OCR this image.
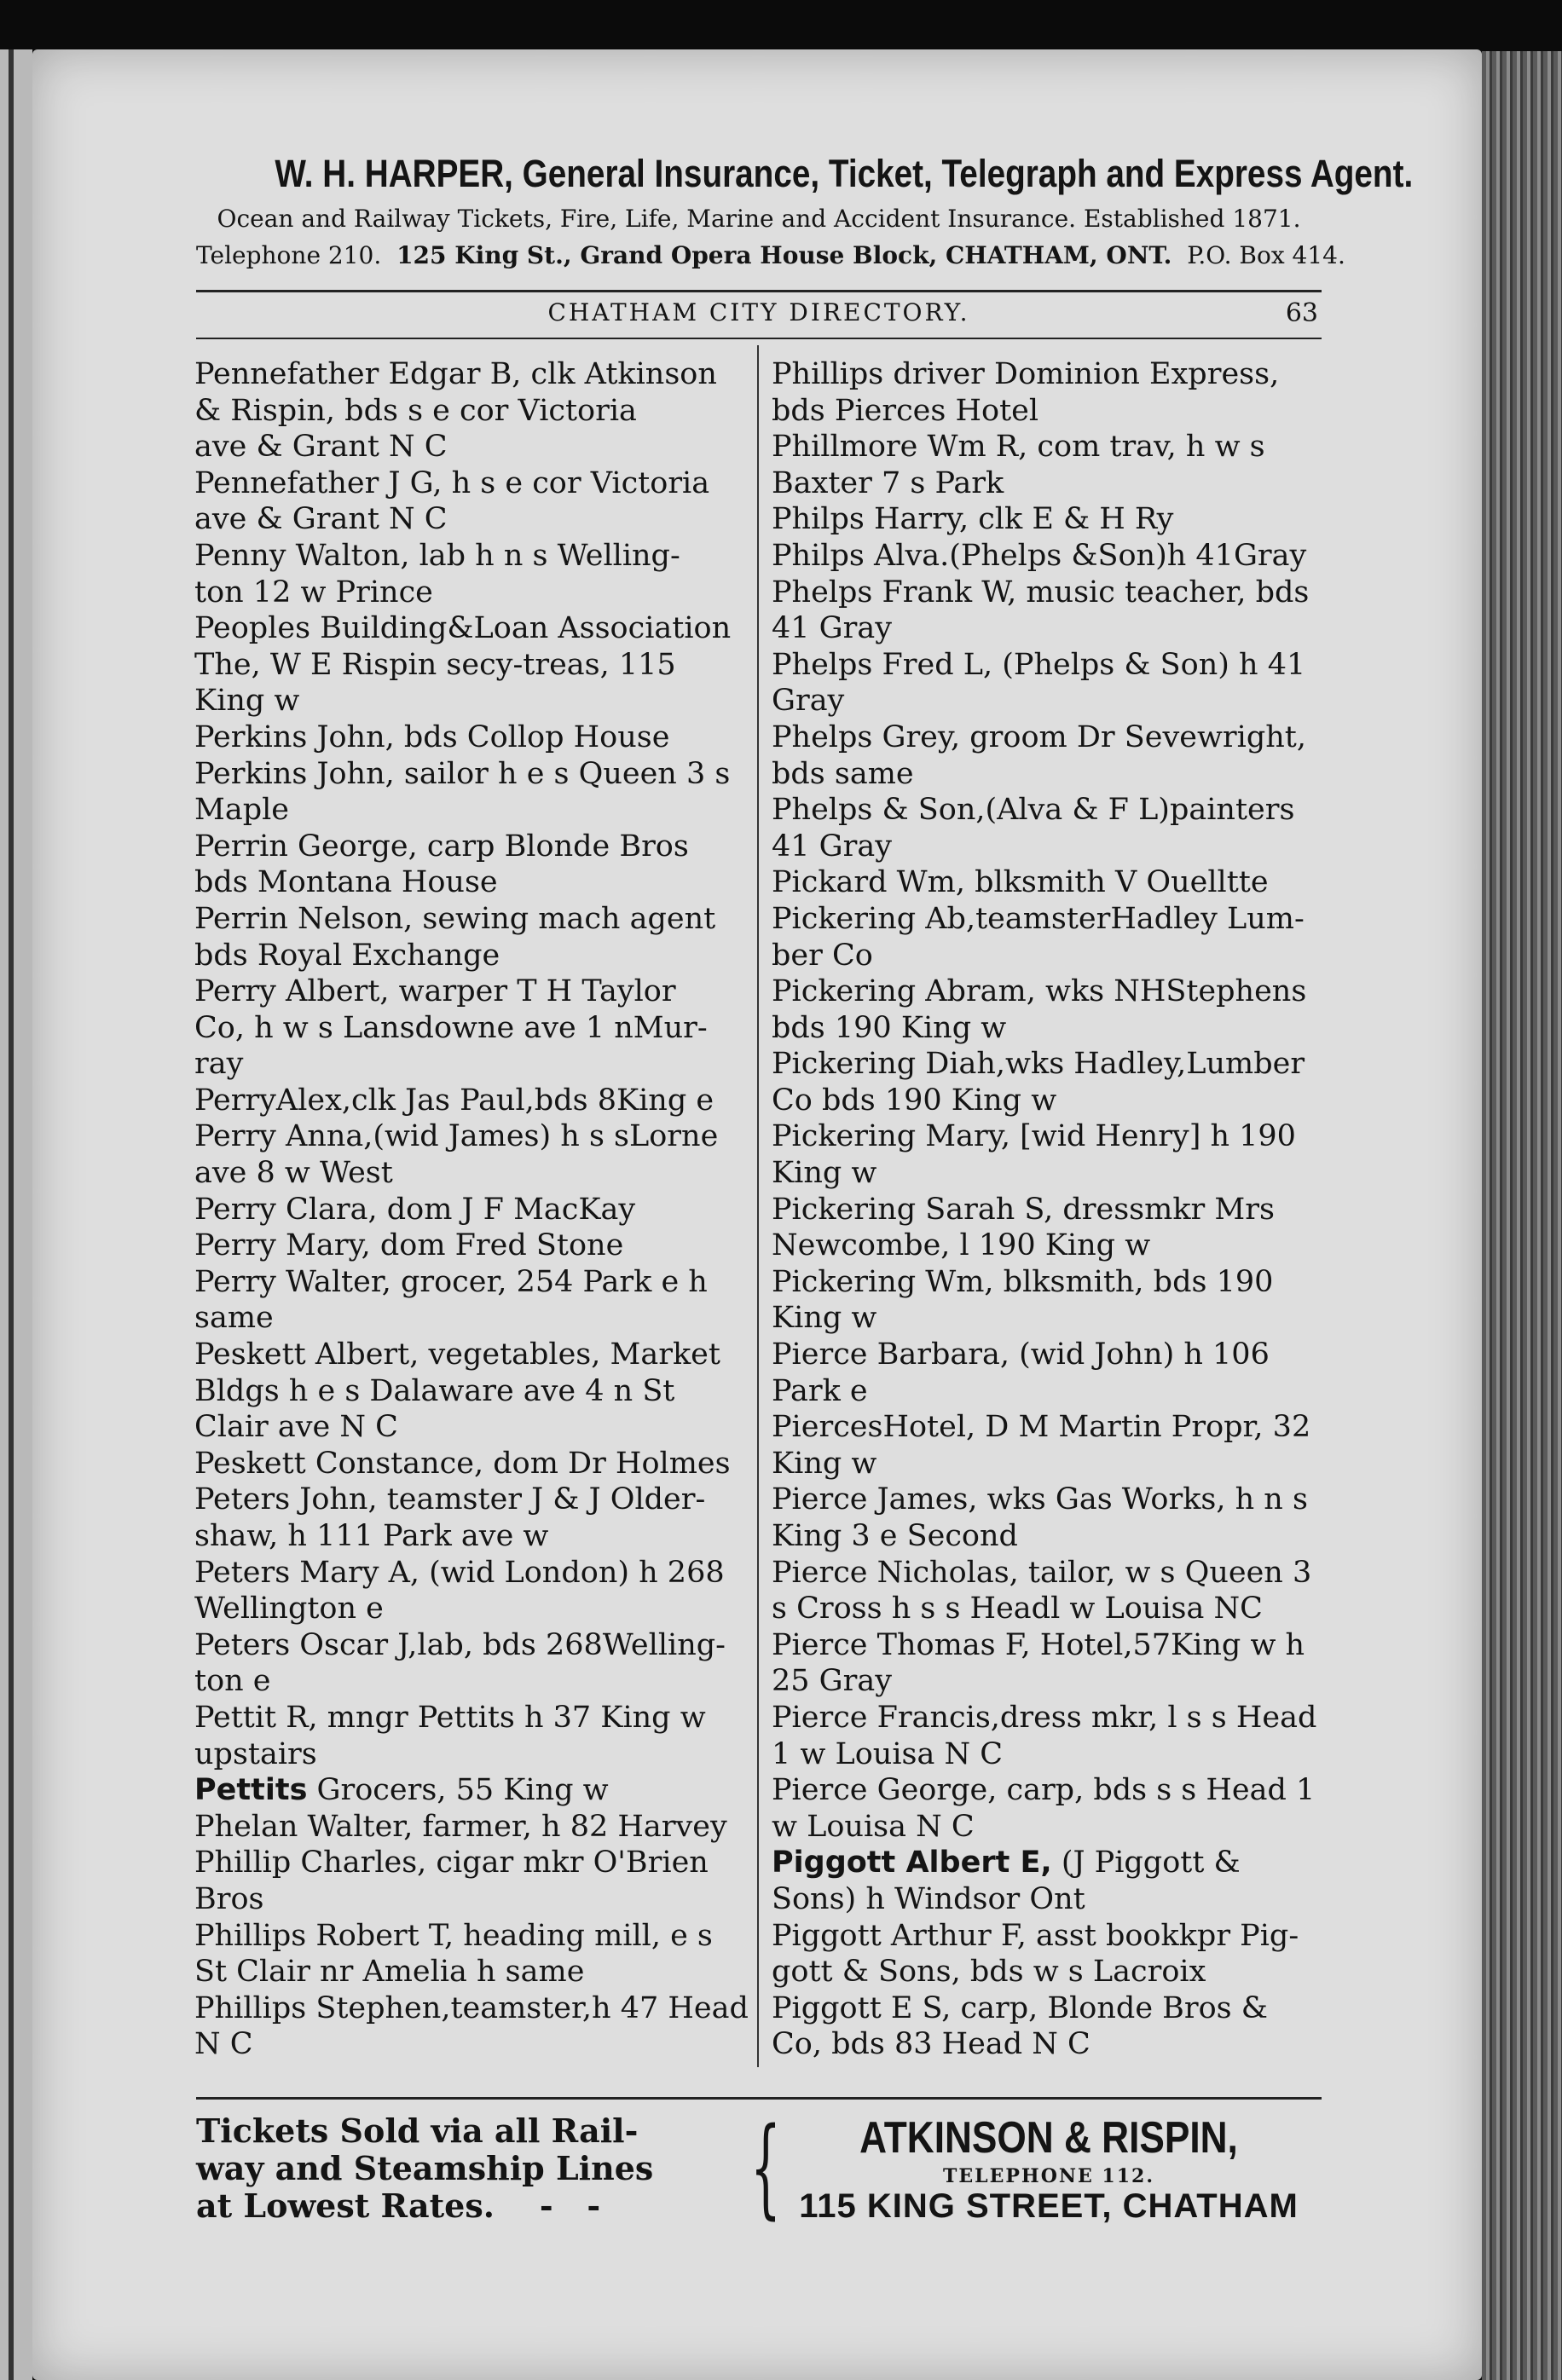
W. H. HARPER, General Insurance, Ticket, Telegraph and Express Agent.
Ocean and Railway Tickets, Fire, Life, Marine and Accident Insurance. Established 1871.
Telephone 210. 125 King St., Grand Opera House Block, CHATHAM, ONT. P.O. Box 414.
CHATHAM CITY DIRECTORY.	63
Pennefather Edgar B, clk Atkinson
& Rispin, bds s e cor Victoria
ave & Grant N C
Pennefather J G, h s e cor Victoria
ave & Grant N C
Penny Walton, lab h n s Welling-
ton 12 w Prince
Peoples Building&Loan Association
The, W E Rispin secy-treas, 115
King w
Perkins John, bds Collop House
Perkins John, sailor h e s Queen 3 s
Maple
Perrin George, carp Blonde Bros
bds Montana House
Perrin Nelson, sewing mach agent
bds Royal Exchange
Perry Albert, warper T H Taylor
Co, h w s Lansdowne ave 1 nMur-
ray
PerryAlex,clk Jas Paul,bds 8King e
Perry Anna,(wid James) h s sLorne
ave 8 w West
Perry Clara, dom J F MacKay
Perry Mary, dom Fred Stone
Perry Walter, grocer, 254 Park e h
same
Peskett Albert, vegetables, Market
Bldgs h e s Dalaware ave 4 n St
Clair ave N C
Peskett Constance, dom Dr Holmes
Peters John, teamster J & J Older-
shaw, h 111 Park ave w
Peters Mary A, (wid London) h 268
Wellington e
Peters Oscar J,lab, bds 268Welling-
ton e
Pettit R, mngr Pettits h 37 King w
upstairs
Pettits Grocers, 55 King w
Phelan Walter, farmer, h 82 Harvey
Phillip Charles, cigar mkr O'Brien
Bros
Phillips Robert T, heading mill, e s
St Clair nr Amelia h same
Phillips Stephen,teamster,h 47 Head
N C
Phillips driver Dominion Express,
bds Pierces Hotel
Phillmore Wm R, com trav, h w s
Baxter 7 s Park
Philps Harry, clk E & H Ry
Philps Alva.(Phelps &Son)h 41Gray
Phelps Frank W, music teacher, bds
41 Gray
Phelps Fred L, (Phelps & Son) h 41
Gray
Phelps Grey, groom Dr Sevewright,
bds same
Phelps & Son,(Alva & F L)painters
41 Gray
Pickard Wm, blksmith V Ouelltte
Pickering Ab,teamsterHadley Lum-
ber Co
Pickering Abram, wks NHStephens
bds 190 King w
Pickering Diah,wks Hadley,Lumber
Co bds 190 King w
Pickering Mary, [wid Henry] h 190
King w
Pickering Sarah S, dressmkr Mrs
Newcombe, l 190 King w
Pickering Wm, blksmith, bds 190
King w
Pierce Barbara, (wid John) h 106
Park e
PiercesHotel, D M Martin Propr, 32
King w
Pierce James, wks Gas Works, h n s
King 3 e Second
Pierce Nicholas, tailor, w s Queen 3
s Cross h s s Headl w Louisa NC
Pierce Thomas F, Hotel,57King w h
25 Gray
Pierce Francis,dress mkr, l s s Head
1 w Louisa N C
Pierce George, carp, bds s s Head 1
w Louisa N C
Piggott Albert E, (J Piggott &
Sons) h Windsor Ont
Piggott Arthur F, asst bookkpr Pig-
gott & Sons, bds w s Lacroix
Piggott E S, carp, Blonde Bros &
Co, bds 83 Head N C
Tickets Sold via all Rail-
way and Steamship Lines
at Lowest Rates.    -   -	{	ATKINSON & RISPIN,
TELEPHONE 112.
115 KING STREET, CHATHAM
